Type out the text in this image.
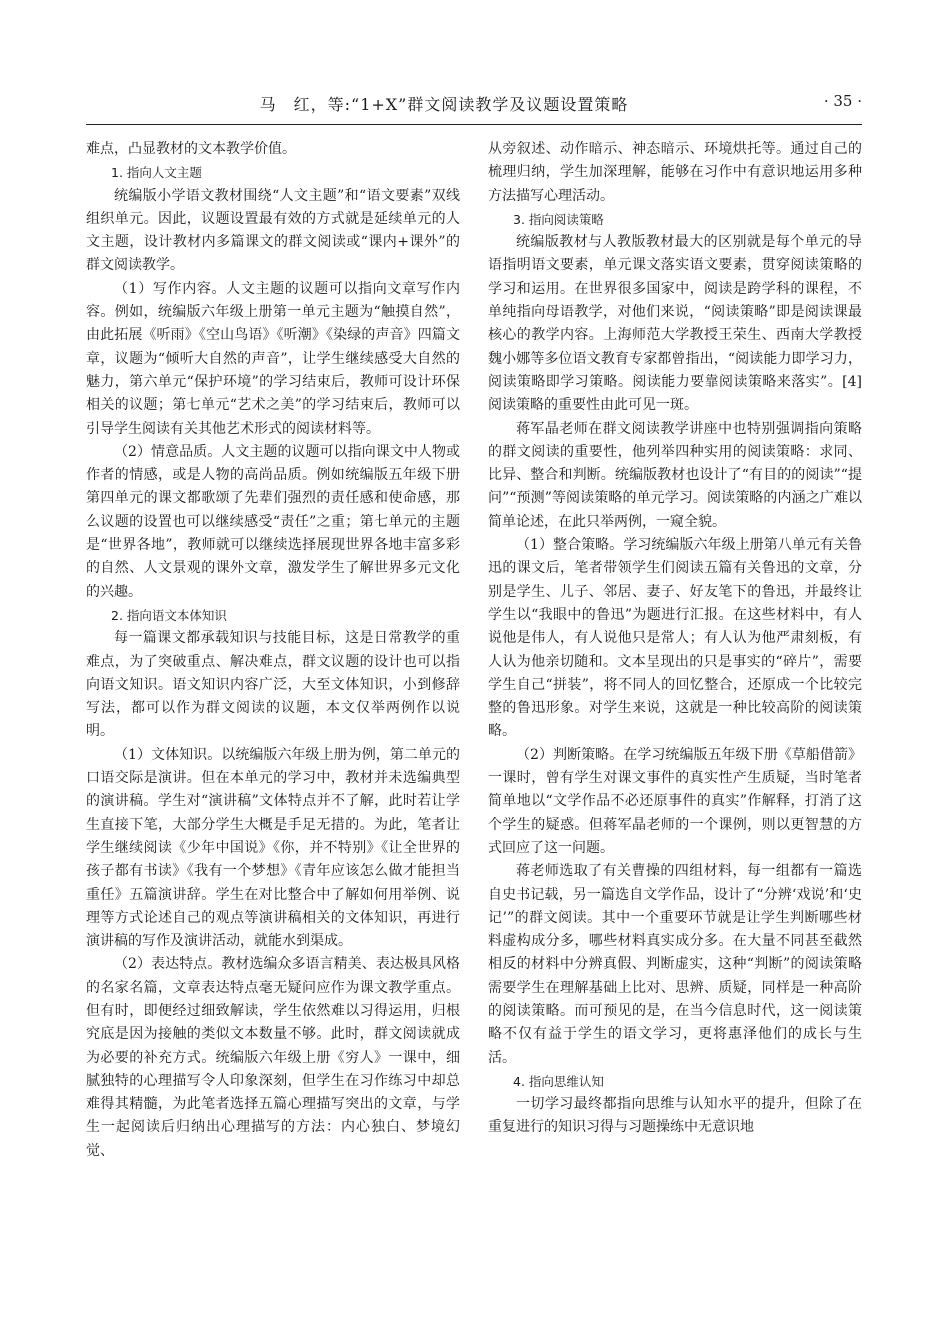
马　红，等:“1+X”群文阅读教学及议题设置策略	· 35 ·

难点，凸显教材的文本教学价值。

1. 指向人文主题

统编版小学语文教材围绕“人文主题”和“语文要素”双线组织单元。因此，议题设置最有效的方式就是延续单元的人文主题，设计教材内多篇课文的群文阅读或“课内+课外”的群文阅读教学。

（1）写作内容。人文主题的议题可以指向文章写作内容。例如，统编版六年级上册第一单元主题为“触摸自然”，由此拓展《听雨》《空山鸟语》《听潮》《染绿的声音》四篇文章，议题为“倾听大自然的声音”，让学生继续感受大自然的魅力，第六单元“保护环境”的学习结束后，教师可设计环保相关的议题；第七单元“艺术之美”的学习结束后，教师可以引导学生阅读有关其他艺术形式的阅读材料等。

（2）情意品质。人文主题的议题可以指向课文中人物或作者的情感，或是人物的高尚品质。例如统编版五年级下册第四单元的课文都歌颂了先辈们强烈的责任感和使命感，那么议题的设置也可以继续感受“责任”之重；第七单元的主题是“世界各地”，教师就可以继续选择展现世界各地丰富多彩的自然、人文景观的课外文章，激发学生了解世界多元文化的兴趣。

2. 指向语文本体知识

每一篇课文都承载知识与技能目标，这是日常教学的重难点，为了突破重点、解决难点，群文议题的设计也可以指向语文知识。语文知识内容广泛，大至文体知识，小到修辞写法，都可以作为群文阅读的议题，本文仅举两例作以说明。

（1）文体知识。以统编版六年级上册为例，第二单元的口语交际是演讲。但在本单元的学习中，教材并未选编典型的演讲稿。学生对“演讲稿”文体特点并不了解，此时若让学生直接下笔，大部分学生大概是手足无措的。为此，笔者让学生继续阅读《少年中国说》《你，并不特别》《让全世界的孩子都有书读》《我有一个梦想》《青年应该怎么做才能担当重任》五篇演讲辞。学生在对比整合中了解如何用举例、说理等方式论述自己的观点等演讲稿相关的文体知识，再进行演讲稿的写作及演讲活动，就能水到渠成。

（2）表达特点。教材选编众多语言精美、表达极具风格的名家名篇，文章表达特点毫无疑问应作为课文教学重点。但有时，即便经过细致解读，学生依然难以习得运用，归根究底是因为接触的类似文本数量不够。此时，群文阅读就成为必要的补充方式。统编版六年级上册《穷人》一课中，细腻独特的心理描写令人印象深刻，但学生在习作练习中却总难得其精髓，为此笔者选择五篇心理描写突出的文章，与学生一起阅读后归纳出心理描写的方法：内心独白、梦境幻觉、

从旁叙述、动作暗示、神态暗示、环境烘托等。通过自己的梳理归纳，学生加深理解，能够在习作中有意识地运用多种方法描写心理活动。

3. 指向阅读策略

统编版教材与人教版教材最大的区别就是每个单元的导语指明语文要素，单元课文落实语文要素，贯穿阅读策略的学习和运用。在世界很多国家中，阅读是跨学科的课程，不单纯指向母语教学，对他们来说，“阅读策略”即是阅读课最核心的教学内容。上海师范大学教授王荣生、西南大学教授魏小娜等多位语文教育专家都曾指出，“阅读能力即学习力，阅读策略即学习策略。阅读能力要靠阅读策略来落实”。[4]阅读策略的重要性由此可见一斑。

蒋军晶老师在群文阅读教学讲座中也特别强调指向策略的群文阅读的重要性，他列举四种实用的阅读策略：求同、比异、整合和判断。统编版教材也设计了“有目的的阅读”“提问”“预测”等阅读策略的单元学习。阅读策略的内涵之广难以简单论述，在此只举两例，一窥全貌。

（1）整合策略。学习统编版六年级上册第八单元有关鲁迅的课文后，笔者带领学生们阅读五篇有关鲁迅的文章，分别是学生、儿子、邻居、妻子、好友笔下的鲁迅，并最终让学生以“我眼中的鲁迅”为题进行汇报。在这些材料中，有人说他是伟人，有人说他只是常人；有人认为他严肃刻板，有人认为他亲切随和。文本呈现出的只是事实的“碎片”，需要学生自己“拼装”，将不同人的回忆整合，还原成一个比较完整的鲁迅形象。对学生来说，这就是一种比较高阶的阅读策略。

（2）判断策略。在学习统编版五年级下册《草船借箭》一课时，曾有学生对课文事件的真实性产生质疑，当时笔者简单地以“文学作品不必还原事件的真实”作解释，打消了这个学生的疑惑。但蒋军晶老师的一个课例，则以更智慧的方式回应了这一问题。

蒋老师选取了有关曹操的四组材料，每一组都有一篇选自史书记载，另一篇选自文学作品，设计了“分辨‘戏说’和‘史记’”的群文阅读。其中一个重要环节就是让学生判断哪些材料虚构成分多，哪些材料真实成分多。在大量不同甚至截然相反的材料中分辨真假、判断虚实，这种“判断”的阅读策略需要学生在理解基础上比对、思辨、质疑，同样是一种高阶的阅读策略。而可预见的是，在当今信息时代，这一阅读策略不仅有益于学生的语文学习，更将惠泽他们的成长与生活。

4. 指向思维认知

一切学习最终都指向思维与认知水平的提升，但除了在重复进行的知识习得与习题操练中无意识地
